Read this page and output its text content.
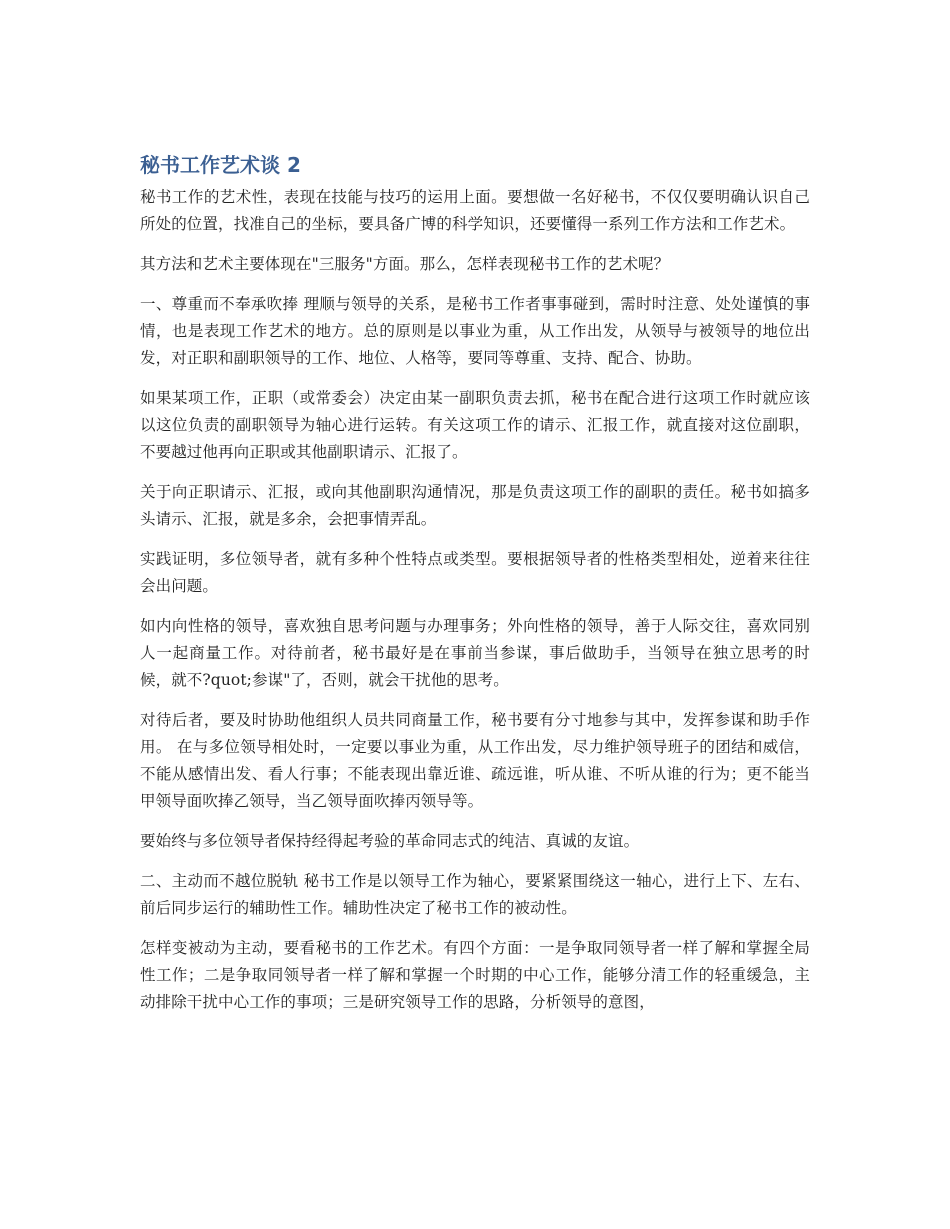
秘书工作艺术谈 2

秘书工作的艺术性，表现在技能与技巧的运用上面。要想做一名好秘书，不仅仅要明确认识自己所处的位置，找准自己的坐标，要具备广博的科学知识，还要懂得一系列工作方法和工作艺术。

其方法和艺术主要体现在"三服务"方面。那么，怎样表现秘书工作的艺术呢？

一、尊重而不奉承吹捧 理顺与领导的关系，是秘书工作者事事碰到，需时时注意、处处谨慎的事情，也是表现工作艺术的地方。总的原则是以事业为重，从工作出发，从领导与被领导的地位出发，对正职和副职领导的工作、地位、人格等，要同等尊重、支持、配合、协助。

如果某项工作，正职（或常委会）决定由某一副职负责去抓，秘书在配合进行这项工作时就应该以这位负责的副职领导为轴心进行运转。有关这项工作的请示、汇报工作，就直接对这位副职，不要越过他再向正职或其他副职请示、汇报了。

关于向正职请示、汇报，或向其他副职沟通情况，那是负责这项工作的副职的责任。秘书如搞多头请示、汇报，就是多余，会把事情弄乱。

实践证明，多位领导者，就有多种个性特点或类型。要根据领导者的性格类型相处，逆着来往往会出问题。

如内向性格的领导，喜欢独自思考问题与办理事务；外向性格的领导，善于人际交往，喜欢同别人一起商量工作。对待前者，秘书最好是在事前当参谋，事后做助手，当领导在独立思考的时候，就不?quot;参谋"了，否则，就会干扰他的思考。

对待后者，要及时协助他组织人员共同商量工作，秘书要有分寸地参与其中，发挥参谋和助手作用。 在与多位领导相处时，一定要以事业为重，从工作出发，尽力维护领导班子的团结和威信，不能从感情出发、看人行事；不能表现出靠近谁、疏远谁，听从谁、不听从谁的行为；更不能当甲领导面吹捧乙领导，当乙领导面吹捧丙领导等。

要始终与多位领导者保持经得起考验的革命同志式的纯洁、真诚的友谊。

二、主动而不越位脱轨 秘书工作是以领导工作为轴心，要紧紧围绕这一轴心，进行上下、左右、前后同步运行的辅助性工作。辅助性决定了秘书工作的被动性。

怎样变被动为主动，要看秘书的工作艺术。有四个方面：一是争取同领导者一样了解和掌握全局性工作；二是争取同领导者一样了解和掌握一个时期的中心工作，能够分清工作的轻重缓急，主动排除干扰中心工作的事项；三是研究领导工作的思路，分析领导的意图，
